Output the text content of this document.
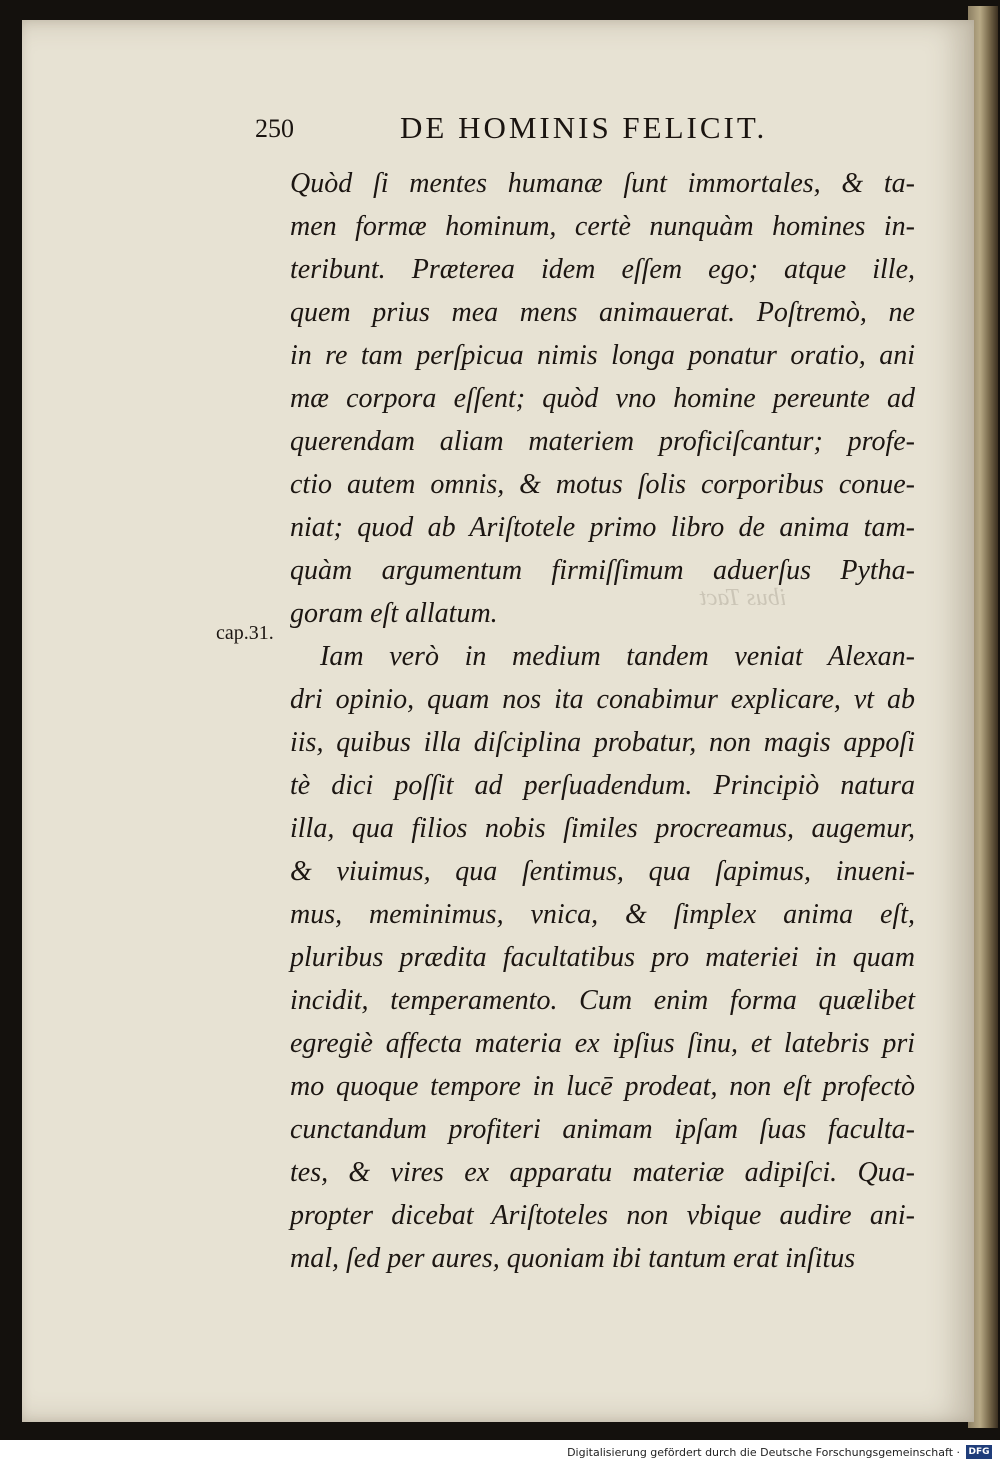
250	DE HOMINIS FELICIT.
cap.31.
ibus Tact
Quòd ſi mentes humanæ ſunt immortales, & ta-
men formæ hominum, certè nunquàm homines in-
teribunt. Præterea idem eſſem ego; atque ille,
quem prius mea mens animauerat. Poſtremò, ne
in re tam perſpicua nimis longa ponatur oratio, ani
mæ corpora eſſent; quòd vno homine pereunte ad
querendam aliam materiem proficiſcantur; profe-
ctio autem omnis, & motus ſolis corporibus conue-
niat; quod ab Ariſtotele primo libro de anima tam-
quàm argumentum firmiſſimum aduerſus Pytha-
goram eſt allatum.
Iam verò in medium tandem veniat Alexan-
dri opinio, quam nos ita conabimur explicare, vt ab
iis, quibus illa diſciplina probatur, non magis appoſi
tè dici poſſit ad perſuadendum. Principiò natura
illa, qua filios nobis ſimiles procreamus, augemur,
& viuimus, qua ſentimus, qua ſapimus, inueni-
mus, meminimus, vnica, & ſimplex anima eſt,
pluribus prædita facultatibus pro materiei in quam
incidit, temperamento. Cum enim forma quælibet
egregiè affecta materia ex ipſius ſinu, et latebris pri
mo quoque tempore in lucē prodeat, non eſt profectò
cunctandum profiteri animam ipſam ſuas faculta-
tes, & vires ex apparatu materiæ adipiſci. Qua-
propter dicebat Ariſtoteles non vbique audire ani-
mal, ſed per aures, quoniam ibi tantum erat inſitus
Digitalisierung gefördert durch die Deutsche Forschungsgemeinschaft · DFG
